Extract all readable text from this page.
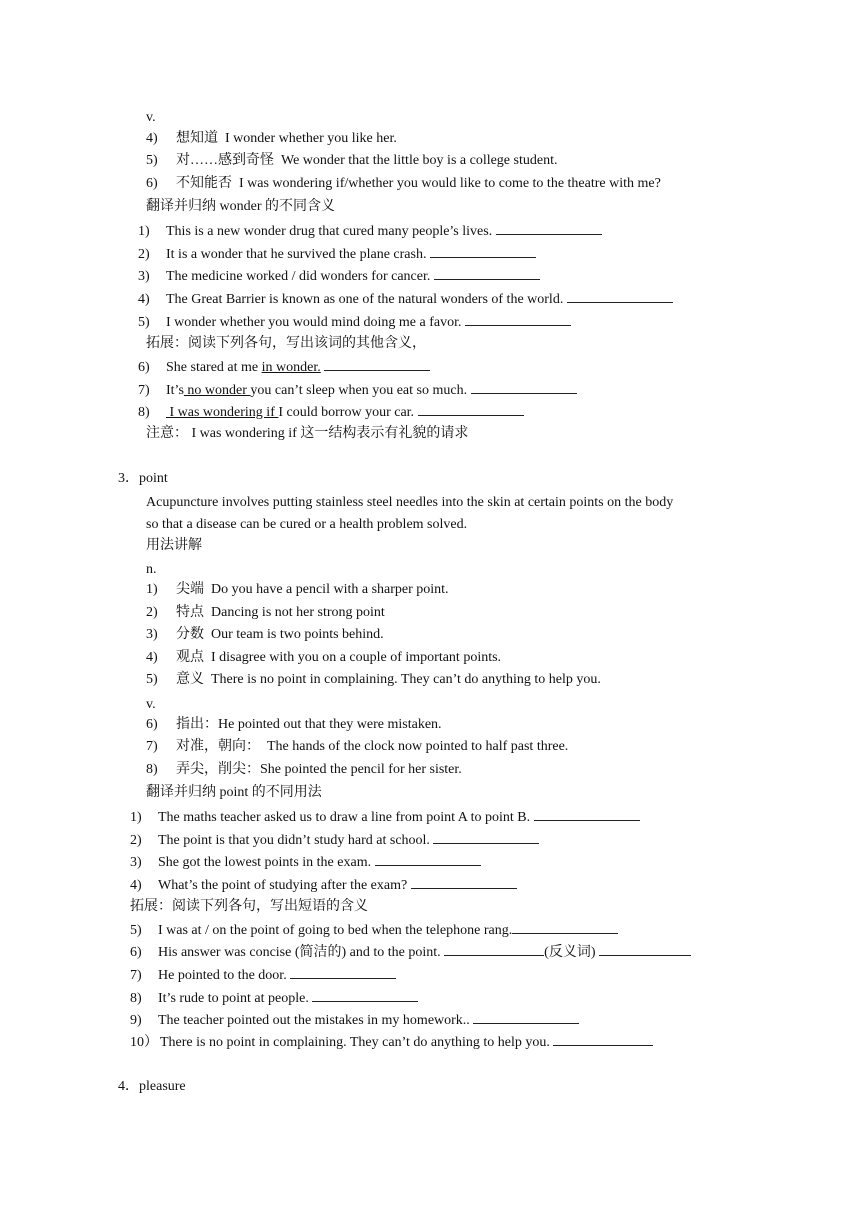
v.
4) 想知道 I wonder whether you like her.
5) 对……感到奇怪 We wonder that the little boy is a college student.
6) 不知能否 I was wondering if/whether you would like to come to the theatre with me?
翻译并归纳 wonder 的不同含义
1) This is a new wonder drug that cured many people’s lives.
2) It is a wonder that he survived the plane crash.
3) The medicine worked / did wonders for cancer.
4) The Great Barrier is known as one of the natural wonders of the world.
5) I wonder whether you would mind doing me a favor.
拓展：阅读下列各句，写出该词的其他含义，
6) She stared at me in wonder.
7) It’s no wonder you can’t sleep when you eat so much.
8) I was wondering if I could borrow your car.
注意： I was wondering if 这一结构表示有礼貌的请求
3．point
Acupuncture involves putting stainless steel needles into the skin at certain points on the body
so that a disease can be cured or a health problem solved.
用法讲解
n.
1) 尖端 Do you have a pencil with a sharper point.
2) 特点 Dancing is not her strong point
3) 分数 Our team is two points behind.
4) 观点 I disagree with you on a couple of important points.
5) 意义 There is no point in complaining. They can’t do anything to help you.
v.
6) 指出：He pointed out that they were mistaken.
7) 对准，朝向： The hands of the clock now pointed to half past three.
8) 弄尖，削尖：She pointed the pencil for her sister.
翻译并归纳 point 的不同用法
1) The maths teacher asked us to draw a line from point A to point B.
2) The point is that you didn’t study hard at school.
3) She got the lowest points in the exam.
4) What’s the point of studying after the exam?
拓展：阅读下列各句，写出短语的含义
5) I was at / on the point of going to bed when the telephone rang.
6) His answer was concise (简洁的) and to the point.	(反义词)
7) He pointed to the door.
8) It’s rude to point at people.
9) The teacher pointed out the mistakes in my homework..
10） There is no point in complaining. They can’t do anything to help you.
4．pleasure
